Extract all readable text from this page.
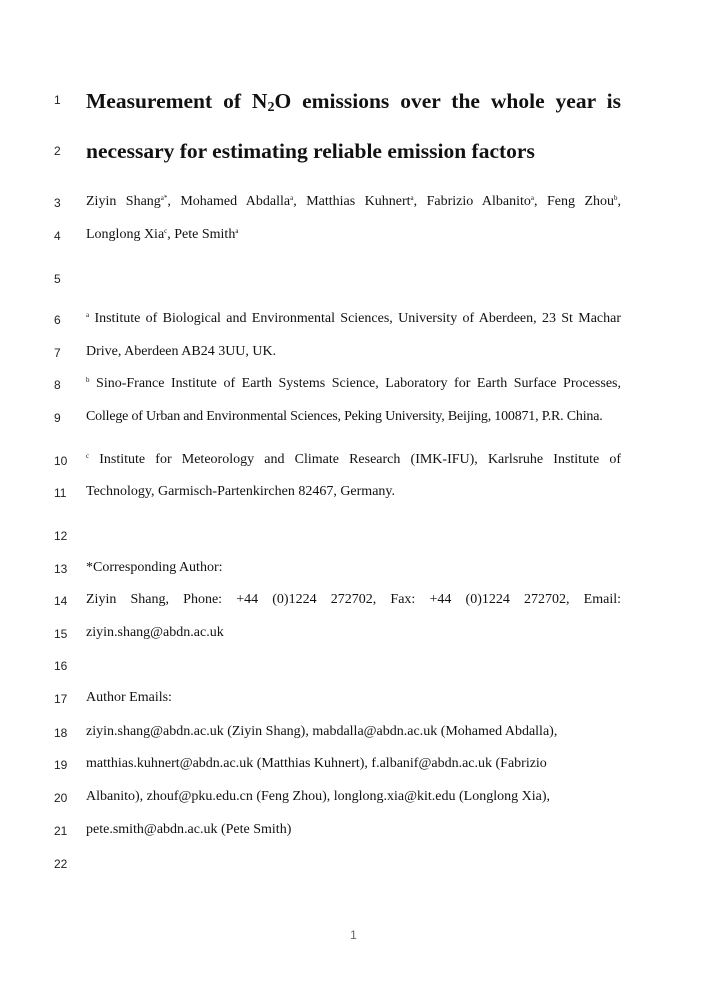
1
2
3
4
5
6
7
8
9
10
11
12
13
14
15
16
17
18
19
20
21
22
Measurement of $N_2O$ emissions over the whole year is
necessary for estimating reliable emission factors
Ziyin Shang$^{a*}$, Mohamed Abdalla$^a$, Matthias Kuhnert$^a$, Fabrizio Albanito$^a$, Feng Zhou$^b$,
Longlong Xia$^c$, Pete Smith$^a$
$^a$ Institute of Biological and Environmental Sciences, University of Aberdeen, 23 St Machar
Drive, Aberdeen AB24 3UU, UK.
$^b$ Sino-France Institute of Earth Systems Science, Laboratory for Earth Surface Processes,
College of Urban and Environmental Sciences, Peking University, Beijing, 100871, P.R. China.
$^c$ Institute for Meteorology and Climate Research (IMK-IFU), Karlsruhe Institute of
Technology, Garmisch-Partenkirchen 82467, Germany.
*Corresponding Author:
Ziyin Shang, Phone: +44 (0)1224 272702, Fax: +44 (0)1224 272702, Email:
ziyin.shang@abdn.ac.uk
Author Emails:
ziyin.shang@abdn.ac.uk (Ziyin Shang), mabdalla@abdn.ac.uk (Mohamed Abdalla),
matthias.kuhnert@abdn.ac.uk (Matthias Kuhnert), f.albanif@abdn.ac.uk (Fabrizio
Albanito), zhouf@pku.edu.cn (Feng Zhou), longlong.xia@kit.edu (Longlong Xia),
pete.smith@abdn.ac.uk (Pete Smith)
1
